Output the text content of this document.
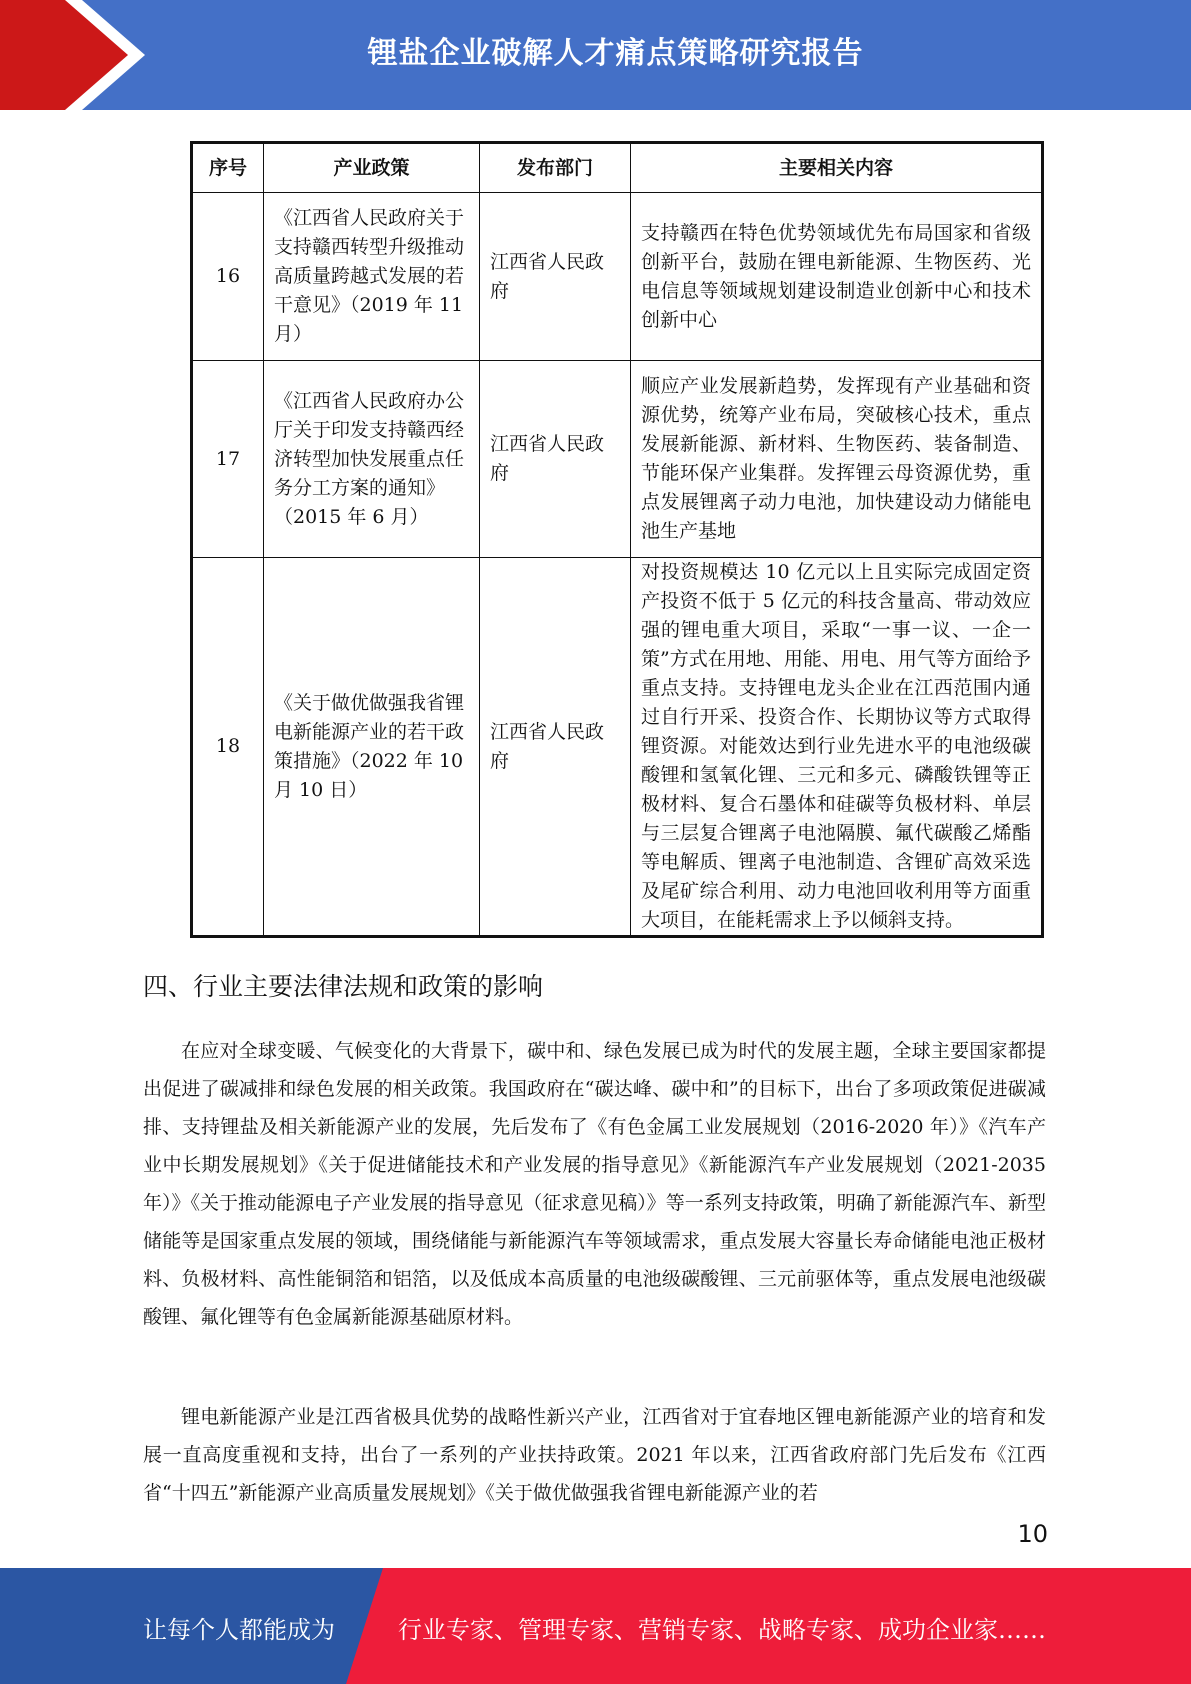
锂盐企业破解人才痛点策略研究报告
序号	产业政策	发布部门	主要相关内容
16	《江西省人民政府关于支持赣西转型升级推动高质量跨越式发展的若干意见》（2019 年 11 月）	江西省人民政府	支持赣西在特色优势领域优先布局国家和省级创新平台，鼓励在锂电新能源、生物医药、光电信息等领域规划建设制造业创新中心和技术创新中心
17	《江西省人民政府办公厅关于印发支持赣西经济转型加快发展重点任务分工方案的通知》（2015 年 6 月）	江西省人民政府	顺应产业发展新趋势，发挥现有产业基础和资源优势，统筹产业布局，突破核心技术，重点发展新能源、新材料、生物医药、装备制造、节能环保产业集群。发挥锂云母资源优势，重点发展锂离子动力电池，加快建设动力储能电池生产基地
18	《关于做优做强我省锂电新能源产业的若干政策措施》（2022 年 10 月 10 日）	江西省人民政府	对投资规模达 10 亿元以上且实际完成固定资产投资不低于 5 亿元的科技含量高、带动效应强的锂电重大项目，采取“一事一议、一企一策”方式在用地、用能、用电、用气等方面给予重点支持。支持锂电龙头企业在江西范围内通过自行开采、投资合作、长期协议等方式取得锂资源。对能效达到行业先进水平的电池级碳酸锂和氢氧化锂、三元和多元、磷酸铁锂等正极材料、复合石墨体和硅碳等负极材料、单层与三层复合锂离子电池隔膜、氟代碳酸乙烯酯等电解质、锂离子电池制造、含锂矿高效采选及尾矿综合利用、动力电池回收利用等方面重大项目，在能耗需求上予以倾斜支持。
四、行业主要法律法规和政策的影响

在应对全球变暖、气候变化的大背景下，碳中和、绿色发展已成为时代的发展主题，全球主要国家都提出促进了碳减排和绿色发展的相关政策。我国政府在“碳达峰、碳中和”的目标下，出台了多项政策促进碳减排、支持锂盐及相关新能源产业的发展，先后发布了《有色金属工业发展规划（2016-2020 年）》《汽车产业中长期发展规划》《关于促进储能技术和产业发展的指导意见》《新能源汽车产业发展规划（2021-2035 年）》《关于推动能源电子产业发展的指导意见（征求意见稿）》等一系列支持政策，明确了新能源汽车、新型储能等是国家重点发展的领域，围绕储能与新能源汽车等领域需求，重点发展大容量长寿命储能电池正极材料、负极材料、高性能铜箔和铝箔，以及低成本高质量的电池级碳酸锂、三元前驱体等，重点发展电池级碳酸锂、氟化锂等有色金属新能源基础原材料。

锂电新能源产业是江西省极具优势的战略性新兴产业，江西省对于宜春地区锂电新能源产业的培育和发展一直高度重视和支持，出台了一系列的产业扶持政策。2021 年以来，江西省政府部门先后发布《江西省“十四五”新能源产业高质量发展规划》《关于做优做强我省锂电新能源产业的若

10
让每个人都能成为	行业专家、管理专家、营销专家、战略专家、成功企业家……
